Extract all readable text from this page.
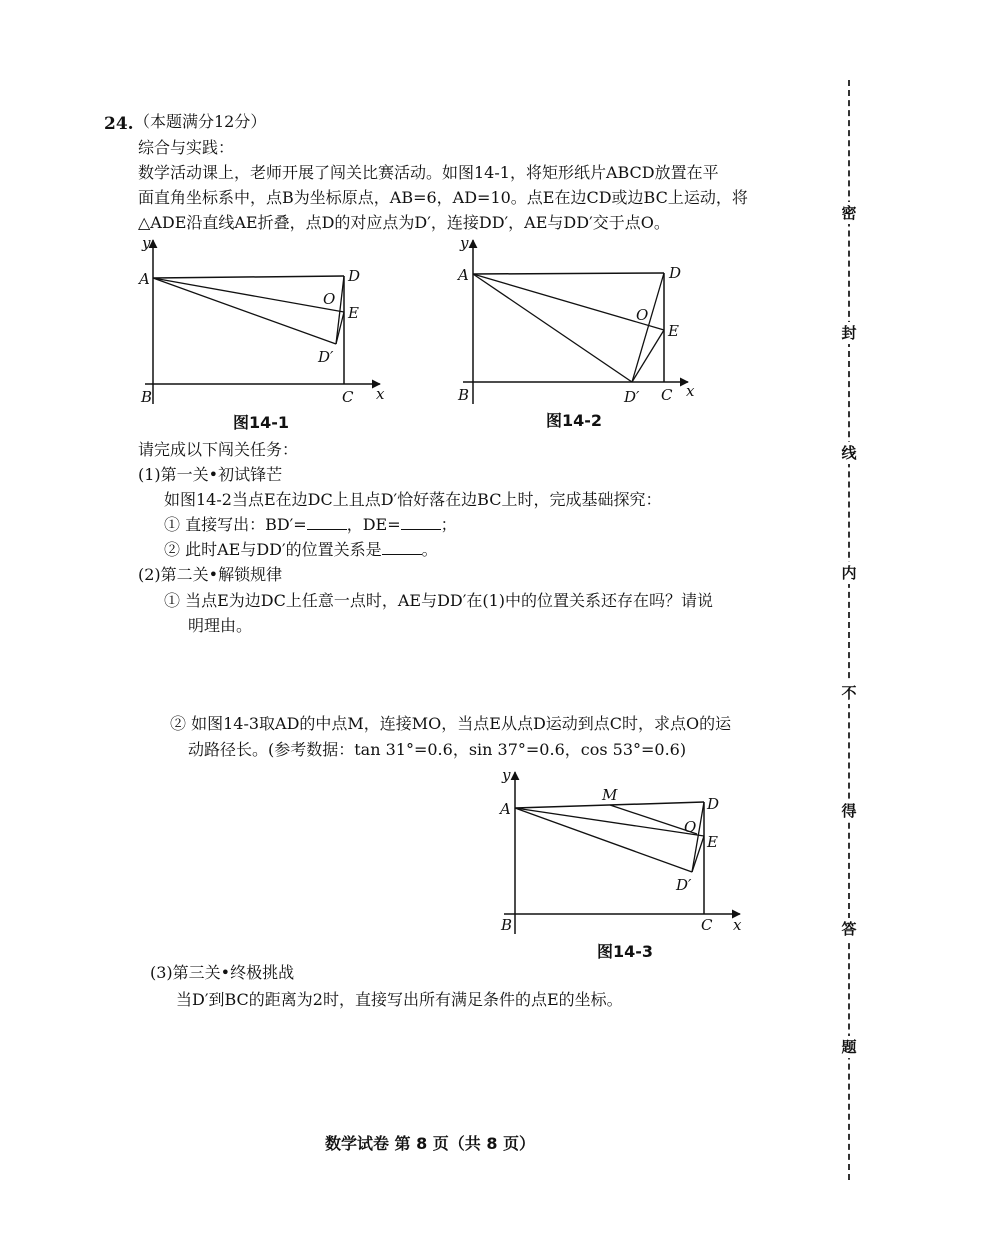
24. （本题满分12分）
综合与实践：
数学活动课上，老师开展了闯关比赛活动。如图14-1，将矩形纸片ABCD放置在平
面直角坐标系中，点B为坐标原点，AB=6，AD=10。点E在边CD或边BC上运动，将
△ADE沿直线AE折叠，点D的对应点为D′，连接DD′，AE与DD′交于点O。
y
A
B	C x
D
O
E
D′
图14-1
y
A
B	D′ C x
D
O
E
图14-2
请完成以下闯关任务：
(1)第一关•初试锋芒
如图14-2当点E在边DC上且点D′恰好落在边BC上时，完成基础探究：
① 直接写出：BD′=	，DE=	；
② 此时AE与DD′的位置关系是	。
(2)第二关•解锁规律
① 当点E为边DC上任意一点时，AE与DD′在(1)中的位置关系还存在吗？请说
明理由。
② 如图14-3取AD的中点M，连接MO，当点E从点D运动到点C时，求点O的运
动路径长。(参考数据：tan 31°=0.6，sin 37°=0.6，cos 53°=0.6)
y
A
M	D
O
E
D′
B	C x
图14-3
(3)第三关•终极挑战
当D′到BC的距离为2时，直接写出所有满足条件的点E的坐标。
数学试卷 第 8 页（共 8 页）
密
封
线
内
不
得
答
题
